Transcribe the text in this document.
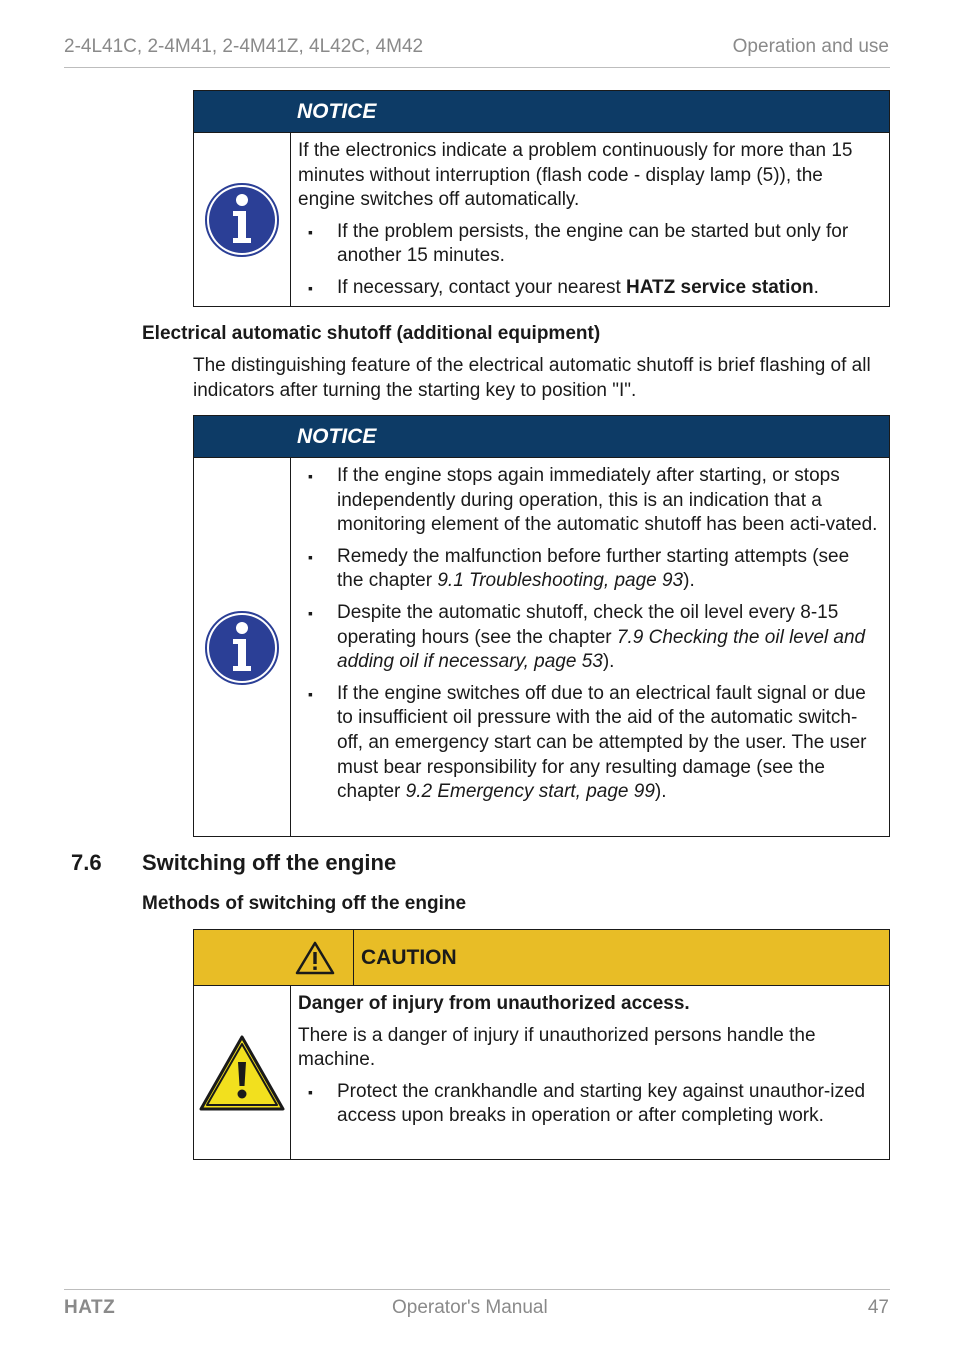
2-4L41C, 2-4M41, 2-4M41Z, 4L42C, 4M42	Operation and use
NOTICE

If the electronics indicate a problem continuously for more than 15 minutes without interruption (flash code - display lamp (5)), the engine switches off automatically.

▪ If the problem persists, the engine can be started but only for another 15 minutes.
▪ If necessary, contact your nearest HATZ service station.
Electrical automatic shutoff (additional equipment)
The distinguishing feature of the electrical automatic shutoff is brief flashing of all indicators after turning the starting key to position "I".
NOTICE
▪ If the engine stops again immediately after starting, or stops independently during operation, this is an indication that a monitoring element of the automatic shutoff has been acti-vated.
▪ Remedy the malfunction before further starting attempts (see the chapter 9.1 Troubleshooting, page 93).
▪ Despite the automatic shutoff, check the oil level every 8-15 operating hours (see the chapter 7.9 Checking the oil level and adding oil if necessary, page 53).
▪ If the engine switches off due to an electrical fault signal or due to insufficient oil pressure with the aid of the automatic switch-off, an emergency start can be attempted by the user. The user must bear responsibility for any resulting damage (see the chapter 9.2 Emergency start, page 99).
7.6 Switching off the engine
Methods of switching off the engine
CAUTION

Danger of injury from unauthorized access.

There is a danger of injury if unauthorized persons handle the machine.

▪ Protect the crankhandle and starting key against unauthor-ized access upon breaks in operation or after completing work.
HATZ	Operator's Manual	47
